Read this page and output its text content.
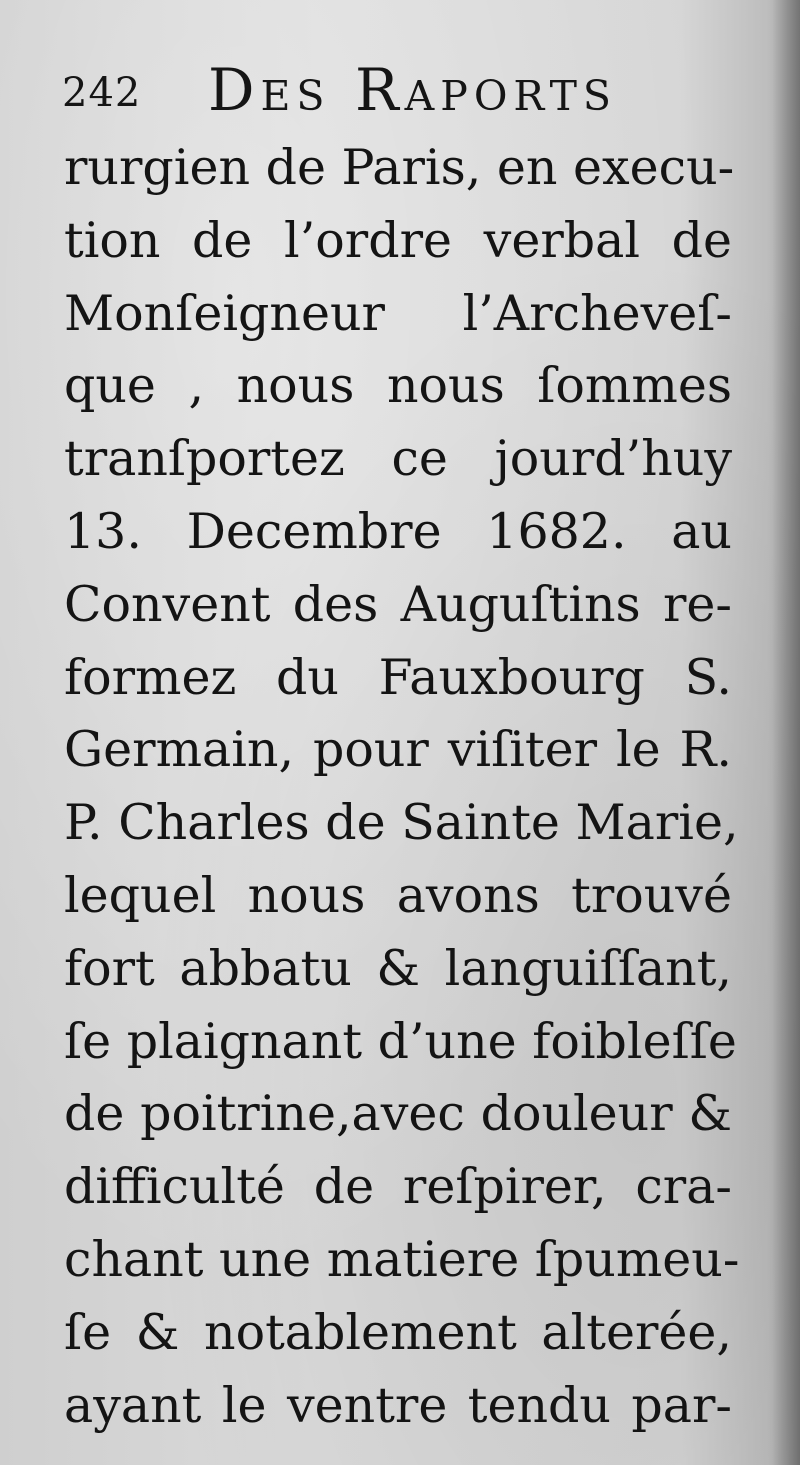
242 Des Raports
rurgien de Paris, en execu-
tion de l’ordre verbal de
Monſeigneur l’Archeveſ-
que , nous nous ſommes
tranſportez ce jourd’huy
13. Decembre 1682. au
Convent des Auguſtins re-
formez du Fauxbourg S.
Germain, pour viſiter le R.
P. Charles de Sainte Marie,
lequel nous avons trouvé
fort abbatu & languiſſant,
ſe plaignant d’une foibleſſe
de poitrine,avec douleur &
difficulté de reſpirer, cra-
chant une matiere ſpumeu-
ſe & notablement alterée,
ayant le ventre tendu par-
